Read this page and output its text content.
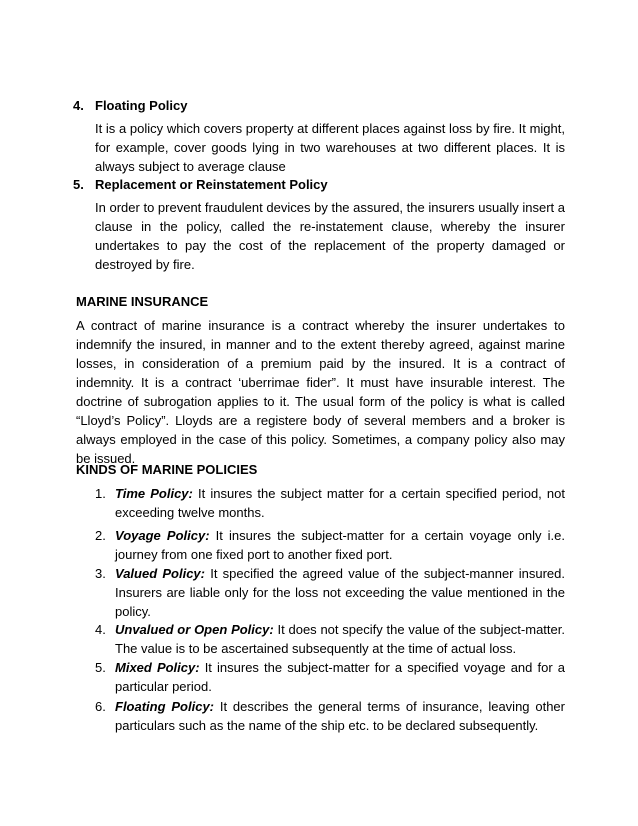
4. Floating Policy
It is a policy which covers property at different places against loss by fire. It might, for example, cover goods lying in two warehouses at two different places. It is always subject to average clause
5. Replacement or Reinstatement Policy
In order to prevent fraudulent devices by the assured, the insurers usually insert a clause in the policy, called the re-instatement clause, whereby the insurer undertakes to pay the cost of the replacement of the property damaged or destroyed by fire.
MARINE INSURANCE
A contract of marine insurance is a contract whereby the insurer undertakes to indemnify the insured, in manner and to the extent thereby agreed, against marine losses, in consideration of a premium paid by the insured. It is a contract of indemnity. It is a contract ‘uberrimae fider”. It must have insurable interest. The doctrine of subrogation applies to it. The usual form of the policy is what is called “Lloyd’s Policy”. Lloyds are a registere body of several members and a broker is always employed in the case of this policy. Sometimes, a company policy also may be issued.
KINDS OF MARINE POLICIES
1. Time Policy: It insures the subject matter for a certain specified period, not exceeding twelve months.
2. Voyage Policy: It insures the subject-matter for a certain voyage only i.e. journey from one fixed port to another fixed port.
3. Valued Policy: It specified the agreed value of the subject-manner insured. Insurers are liable only for the loss not exceeding the value mentioned in the policy.
4. Unvalued or Open Policy: It does not specify the value of the subject-matter. The value is to be ascertained subsequently at the time of actual loss.
5. Mixed Policy: It insures the subject-matter for a specified voyage and for a particular period.
6. Floating Policy: It describes the general terms of insurance, leaving other particulars such as the name of the ship etc. to be declared subsequently.
